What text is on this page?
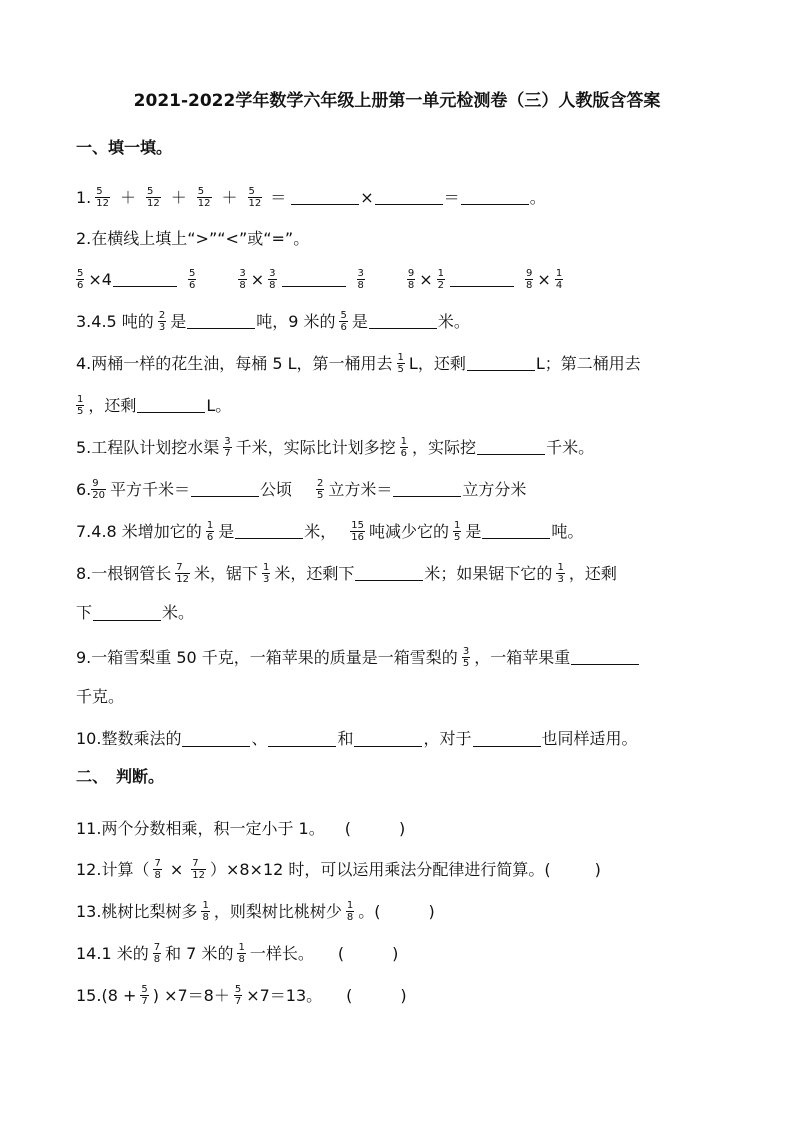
2021-2022学年数学六年级上册第一单元检测卷（三）人教版含答案
一、填一填。
1. $\frac{5}{12} + \frac{5}{12} + \frac{5}{12} + \frac{5}{12}$ ＝	×	＝	。
2.在横线上填上“>”“<”或“=”。
$\frac{5}{6} \times 4$	$\frac{5}{6}$	$\frac{3}{8} \times \frac{3}{8}$	$\frac{3}{8}$	$\frac{9}{8} \times \frac{1}{2}$	$\frac{9}{8} \times \frac{1}{4}$
3.4.5 吨的 $\frac{2}{3}$ 是	吨，9 米的 $\frac{5}{6}$ 是	米。
4.两桶一样的花生油，每桶 5 L，第一桶用去 $\frac{1}{5}$ L，还剩	L；第二桶用去
$\frac{1}{5}$ ，还剩	L。
5.工程队计划挖水渠 $\frac{3}{7}$ 千米，实际比计划多挖 $\frac{1}{6}$ ，实际挖	千米。
6. $\frac{9}{20}$ 平方千米＝	公顷 $\frac{2}{5}$ 立方米＝	立方分米
7.4.8 米增加它的 $\frac{1}{6}$ 是	米， $\frac{15}{16}$ 吨减少它的 $\frac{1}{5}$ 是	吨。
8.一根钢管长 $\frac{7}{12}$ 米，锯下 $\frac{1}{3}$ 米，还剩下	米；如果锯下它的 $\frac{1}{3}$ ，还剩
下	米。
9.一箱雪梨重 50 千克，一箱苹果的质量是一箱雪梨的 $\frac{3}{5}$ ，一箱苹果重
千克。
10.整数乘法的	、	和	，对于	也同样适用。
二、　判断。
11.两个分数相乘，积一定小于 1。 (　　　)
12.计算（ $\frac{7}{8} \times \frac{7}{12} )\times 8\times 12$ 时，可以运用乘法分配律进行简算。(	)
13.桃树比梨树多 $\frac{1}{8}$ ，则梨树比桃树少 $\frac{1}{8}$ 。(　　　)
14.1 米的 $\frac{7}{8}$ 和 7 米的 $\frac{1}{8}$ 一样长。 (　　　)
$15.(8 + \frac{5}{7}$ ) $\times 7=8+ \frac{5}{7} \times 7=13$。 (　　　)
